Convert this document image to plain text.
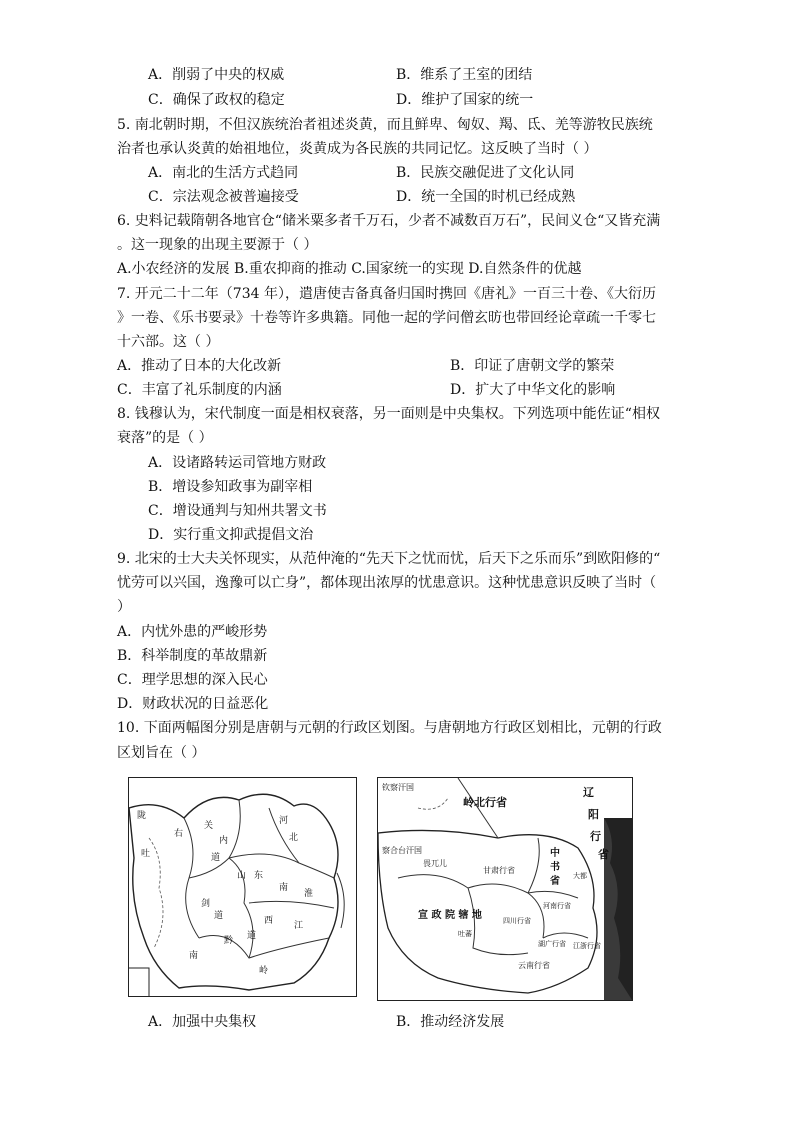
A．削弱了中央的权威	B．维系了王室的团结
C．确保了政权的稳定	D．维护了国家的统一
5. 南北朝时期，不但汉族统治者祖述炎黄，而且鲜卑、匈奴、羯、氐、羌等游牧民族统
治者也承认炎黄的始祖地位，炎黄成为各民族的共同记忆。这反映了当时（ ）
A．南北的生活方式趋同	B．民族交融促进了文化认同
C．宗法观念被普遍接受	D．统一全国的时机已经成熟
6. 史料记载隋朝各地官仓“储米粟多者千万石，少者不减数百万石”，民间义仓“又皆充满
。这一现象的出现主要源于（ ）
A.小农经济的发展 B.重农抑商的推动 C.国家统一的实现 D.自然条件的优越
7. 开元二十二年（734 年），遣唐使吉备真备归国时携回《唐礼》一百三十卷、《大衍历
》一卷、《乐书要录》十卷等许多典籍。同他一起的学问僧玄昉也带回经论章疏一千零七
十六部。这（ ）
A．推动了日本的大化改新	B．印证了唐朝文学的繁荣
C．丰富了礼乐制度的内涵	D．扩大了中华文化的影响
8. 钱穆认为，宋代制度一面是相权衰落，另一面则是中央集权。下列选项中能佐证“相权
衰落”的是（ ）
A．设诸路转运司管地方财政
B．增设参知政事为副宰相
C．增设通判与知州共署文书
D．实行重文抑武提倡文治
9. 北宋的士大夫关怀现实，从范仲淹的“先天下之忧而忧，后天下之乐而乐”到欧阳修的“
忧劳可以兴国，逸豫可以亡身”，都体现出浓厚的忧患意识。这种忧患意识反映了当时（
）
A．内忧外患的严峻形势
B．科举制度的革故鼎新
C．理学思想的深入民心
D．财政状况的日益恶化
10. 下面两幅图分别是唐朝与元朝的行政区划图。与唐朝地方行政区划相比，元朝的行政
区划旨在（ ）
陇
吐
右
关
内
道
河
北
东
山
南
淮
江
岭
剑
黔
西
道
南
道
岭北行省
辽
阳
行
省
中
书
省
甘肃行省
宣 政 院 辖 地
云南行省
畏兀儿
察合台汗国
钦察汗国
河南行省
湖广行省 江浙行省
四川行省
大都
吐蕃
A．加强中央集权	B．推动经济发展
